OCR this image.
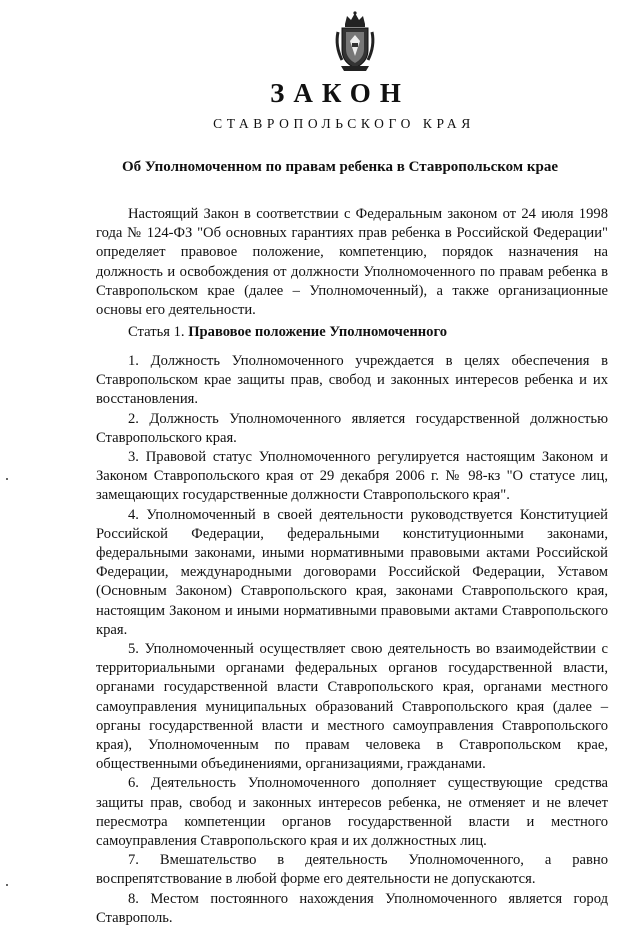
ЗАКОН
СТАВРОПОЛЬСКОГО КРАЯ
Об Уполномоченном по правам ребенка в Ставропольском крае

Настоящий Закон в соответствии с Федеральным законом от 24 июля 1998 года № 124-ФЗ "Об основных гарантиях прав ребенка в Российской Федерации" определяет правовое положение, компетенцию, порядок назначения на должность и освобождения от должности Уполномоченного по правам ребенка в Ставропольском крае (далее – Уполномоченный), а также организационные основы его деятельности.

Статья 1. Правовое положение Уполномоченного

1. Должность Уполномоченного учреждается в целях обеспечения в Ставропольском крае защиты прав, свобод и законных интересов ребенка и их восстановления.

2. Должность Уполномоченного является государственной должностью Ставропольского края.

3. Правовой статус Уполномоченного регулируется настоящим Законом и Законом Ставропольского края от 29 декабря 2006 г. № 98-кз "О статусе лиц, замещающих государственные должности Ставропольского края".

4. Уполномоченный в своей деятельности руководствуется Конституцией Российской Федерации, федеральными конституционными законами, федеральными законами, иными нормативными правовыми актами Российской Федерации, международными договорами Российской Федерации, Уставом (Основным Законом) Ставропольского края, законами Ставропольского края, настоящим Законом и иными нормативными правовыми актами Ставропольского края.

5. Уполномоченный осуществляет свою деятельность во взаимодействии с территориальными органами федеральных органов государственной власти, органами государственной власти Ставропольского края, органами местного самоуправления муниципальных образований Ставропольского края (далее – органы государственной власти и местного самоуправления Ставропольского края), Уполномоченным по правам человека в Ставропольском крае, общественными объединениями, организациями, гражданами.

6. Деятельность Уполномоченного дополняет существующие средства защиты прав, свобод и законных интересов ребенка, не отменяет и не влечет пересмотра компетенции органов государственной власти и местного самоуправления Ставропольского края и их должностных лиц.

7. Вмешательство в деятельность Уполномоченного, а равно воспрепятствование в любой форме его деятельности не допускаются.

8. Местом постоянного нахождения Уполномоченного является город Ставрополь.
